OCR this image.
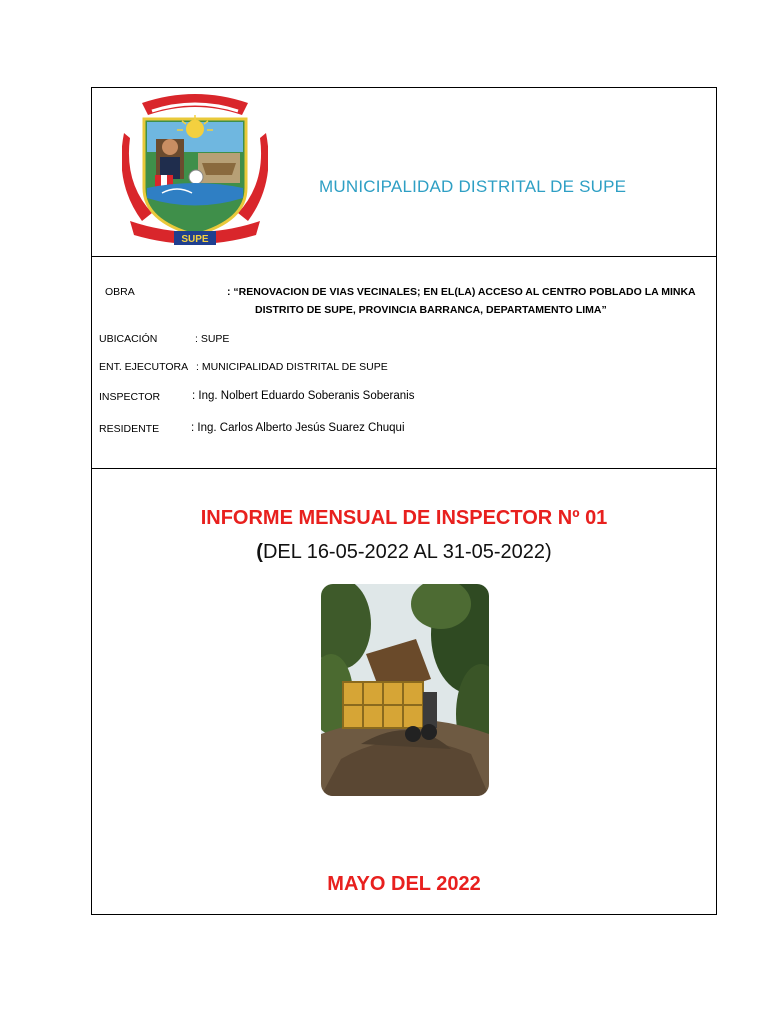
SUPE
MUNICIPALIDAD DISTRITAL DE SUPE
OBRA	: “RENOVACION DE VIAS VECINALES; EN EL(LA) ACCESO AL CENTRO POBLADO LA MINKA
DISTRITO DE SUPE, PROVINCIA BARRANCA, DEPARTAMENTO LIMA”
UBICACIÓN	: SUPE
ENT. EJECUTORA : MUNICIPALIDAD DISTRITAL DE SUPE
INSPECTOR	: Ing. Nolbert Eduardo Soberanis Soberanis
RESIDENTE	: Ing. Carlos Alberto Jesús Suarez Chuqui
INFORME MENSUAL DE INSPECTOR Nº 01
(DEL 16-05-2022 AL 31-05-2022)
MAYO DEL 2022
